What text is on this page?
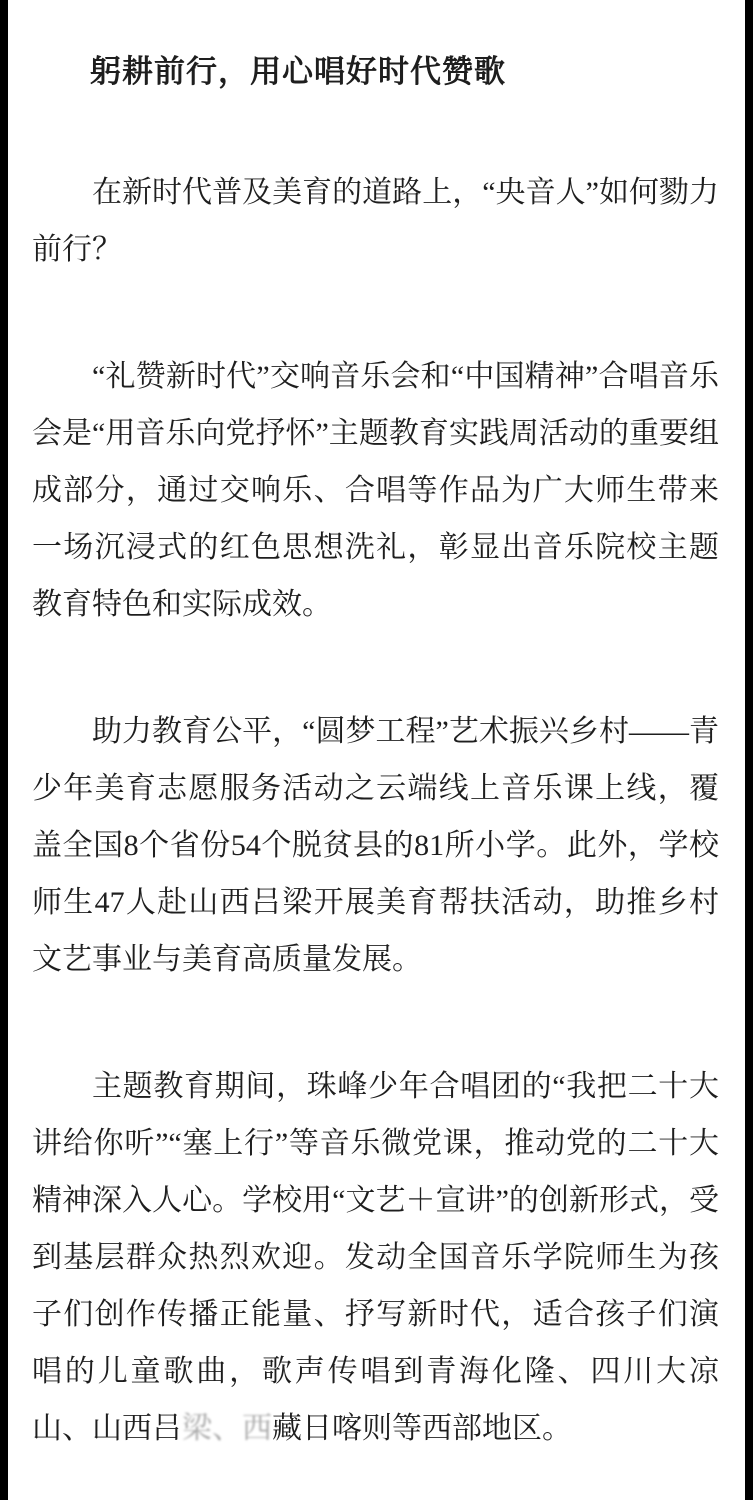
躬耕前行，用心唱好时代赞歌

在新时代普及美育的道路上，“央音人”如何勠力前行？

“礼赞新时代”交响音乐会和“中国精神”合唱音乐会是“用音乐向党抒怀”主题教育实践周活动的重要组成部分，通过交响乐、合唱等作品为广大师生带来一场沉浸式的红色思想洗礼，彰显出音乐院校主题教育特色和实际成效。

助力教育公平，“圆梦工程”艺术振兴乡村——青少年美育志愿服务活动之云端线上音乐课上线，覆盖全国8个省份54个脱贫县的81所小学。此外，学校师生47人赴山西吕梁开展美育帮扶活动，助推乡村文艺事业与美育高质量发展。

主题教育期间，珠峰少年合唱团的“我把二十大讲给你听”“塞上行”等音乐微党课，推动党的二十大精神深入人心。学校用“文艺＋宣讲”的创新形式，受到基层群众热烈欢迎。发动全国音乐学院师生为孩子们创作传播正能量、抒写新时代，适合孩子们演唱的儿童歌曲，歌声传唱到青海化隆、四川大凉山、山西吕梁、西藏日喀则等西部地区。
